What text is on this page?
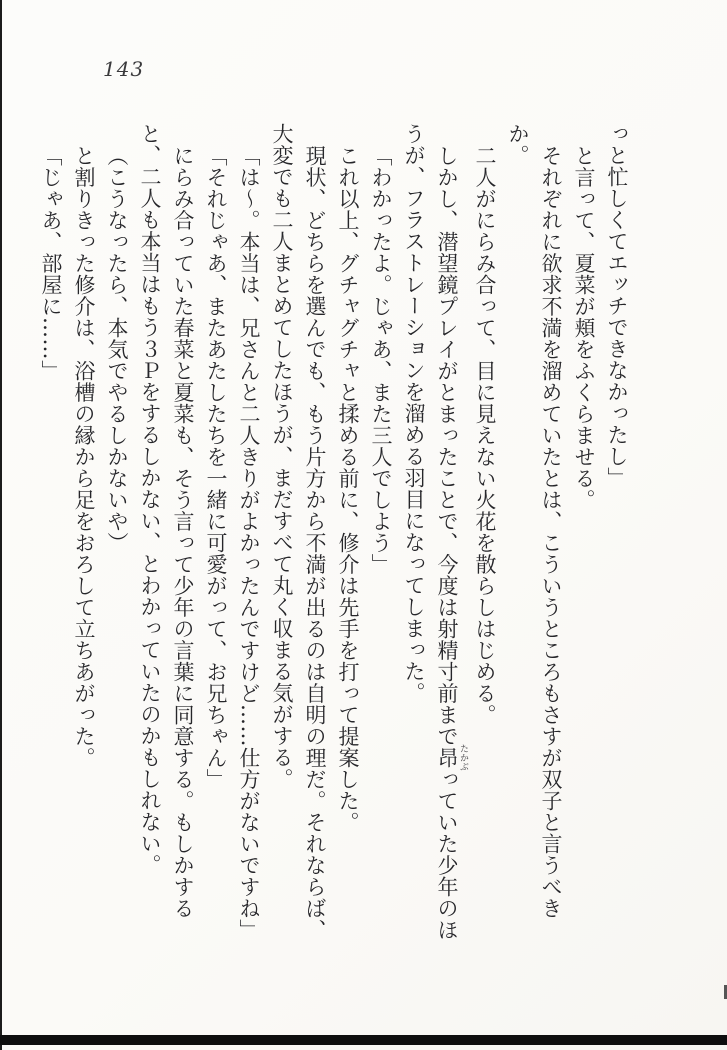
143

っと忙しくてエッチできなかったし」

と言って、夏菜が頬をふくらませる。

それぞれに欲求不満を溜めていたとは、こういうところもさすが双子と言うべきか。

二人がにらみ合って、目に見えない火花を散らしはじめる。

しかし、潜望鏡プレイがとまったことで、今度は射精寸前まで昂 たかぶっていた少年のほうが、フラストレーションを溜める羽目になってしまった。

「わかったよ。じゃあ、また三人でしよう」

これ以上、グチャグチャと揉める前に、修介は先手を打って提案した。

現状、どちらを選んでも、もう片方から不満が出るのは自明の理だ。それならば、大変でも二人まとめてしたほうが、まだすべて丸く収まる気がする。

「は〜。本当は、兄さんと二人きりがよかったんですけど……仕方がないですね」

「それじゃあ、またあたしたちを一緒に可愛がって、お兄ちゃん」

にらみ合っていた春菜と夏菜も、そう言って少年の言葉に同意する。もしかすると、二人も本当はもう３Ｐをするしかない、とわかっていたのかもしれない。

（こうなったら、本気でやるしかないや）

と割りきった修介は、浴槽の縁から足をおろして立ちあがった。

「じゃあ、部屋に……」
